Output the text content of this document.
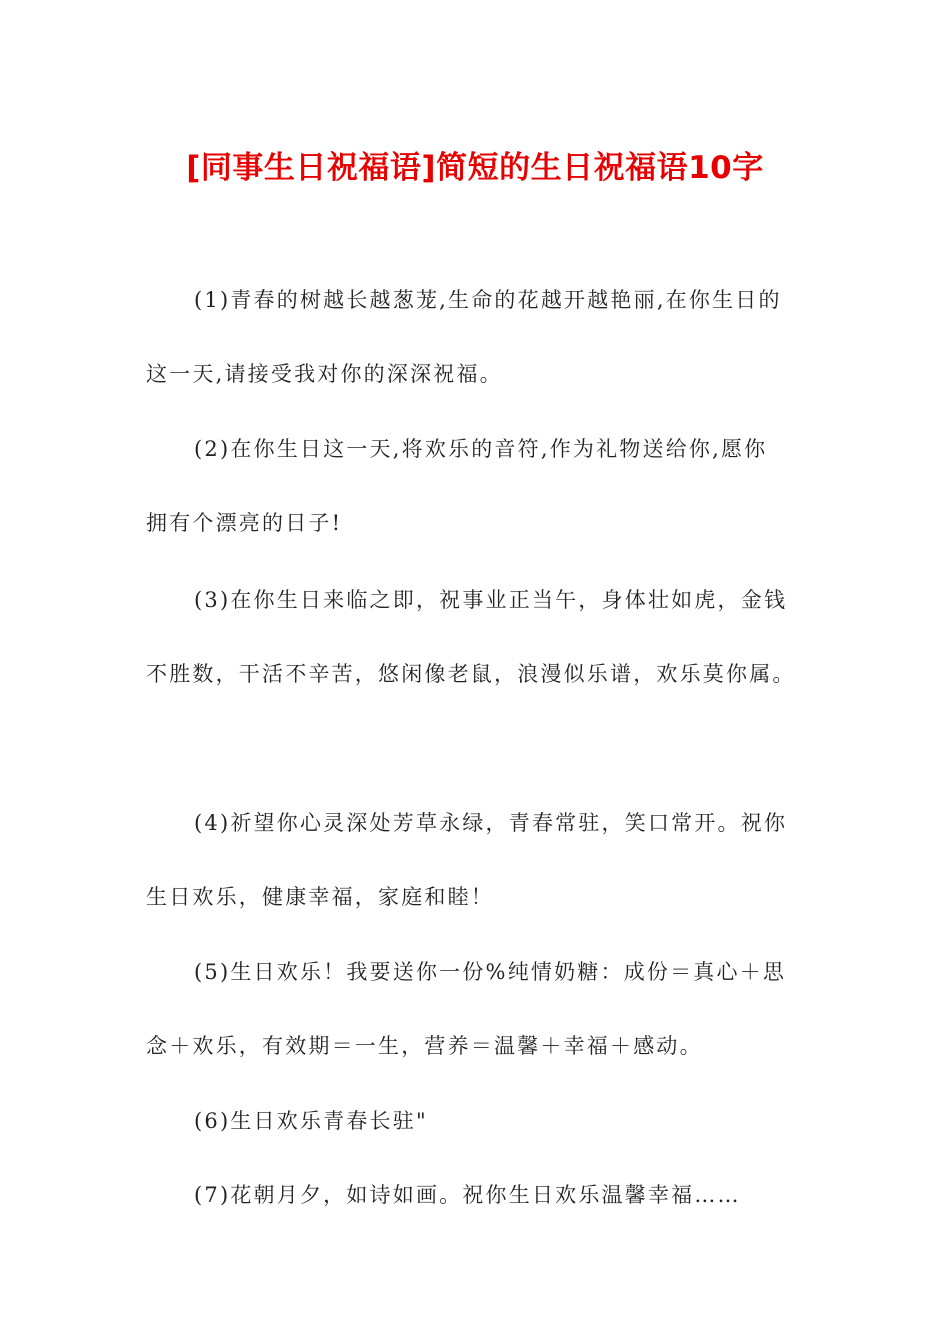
[同事生日祝福语]简短的生日祝福语10字
(1)青春的树越长越葱茏,生命的花越开越艳丽,在你生日的
这一天,请接受我对你的深深祝福。
(2)在你生日这一天,将欢乐的音符,作为礼物送给你,愿你
拥有个漂亮的日子!
(3)在你生日来临之即，祝事业正当午，身体壮如虎，金钱
不胜数，干活不辛苦，悠闲像老鼠，浪漫似乐谱，欢乐莫你属。
(4)祈望你心灵深处芳草永绿，青春常驻，笑口常开。祝你
生日欢乐，健康幸福，家庭和睦！
(5)生日欢乐！我要送你一份%纯情奶糖：成份＝真心＋思
念＋欢乐，有效期＝一生，营养＝温馨＋幸福＋感动。
(6)生日欢乐青春长驻"
(7)花朝月夕，如诗如画。祝你生日欢乐温馨幸福……
